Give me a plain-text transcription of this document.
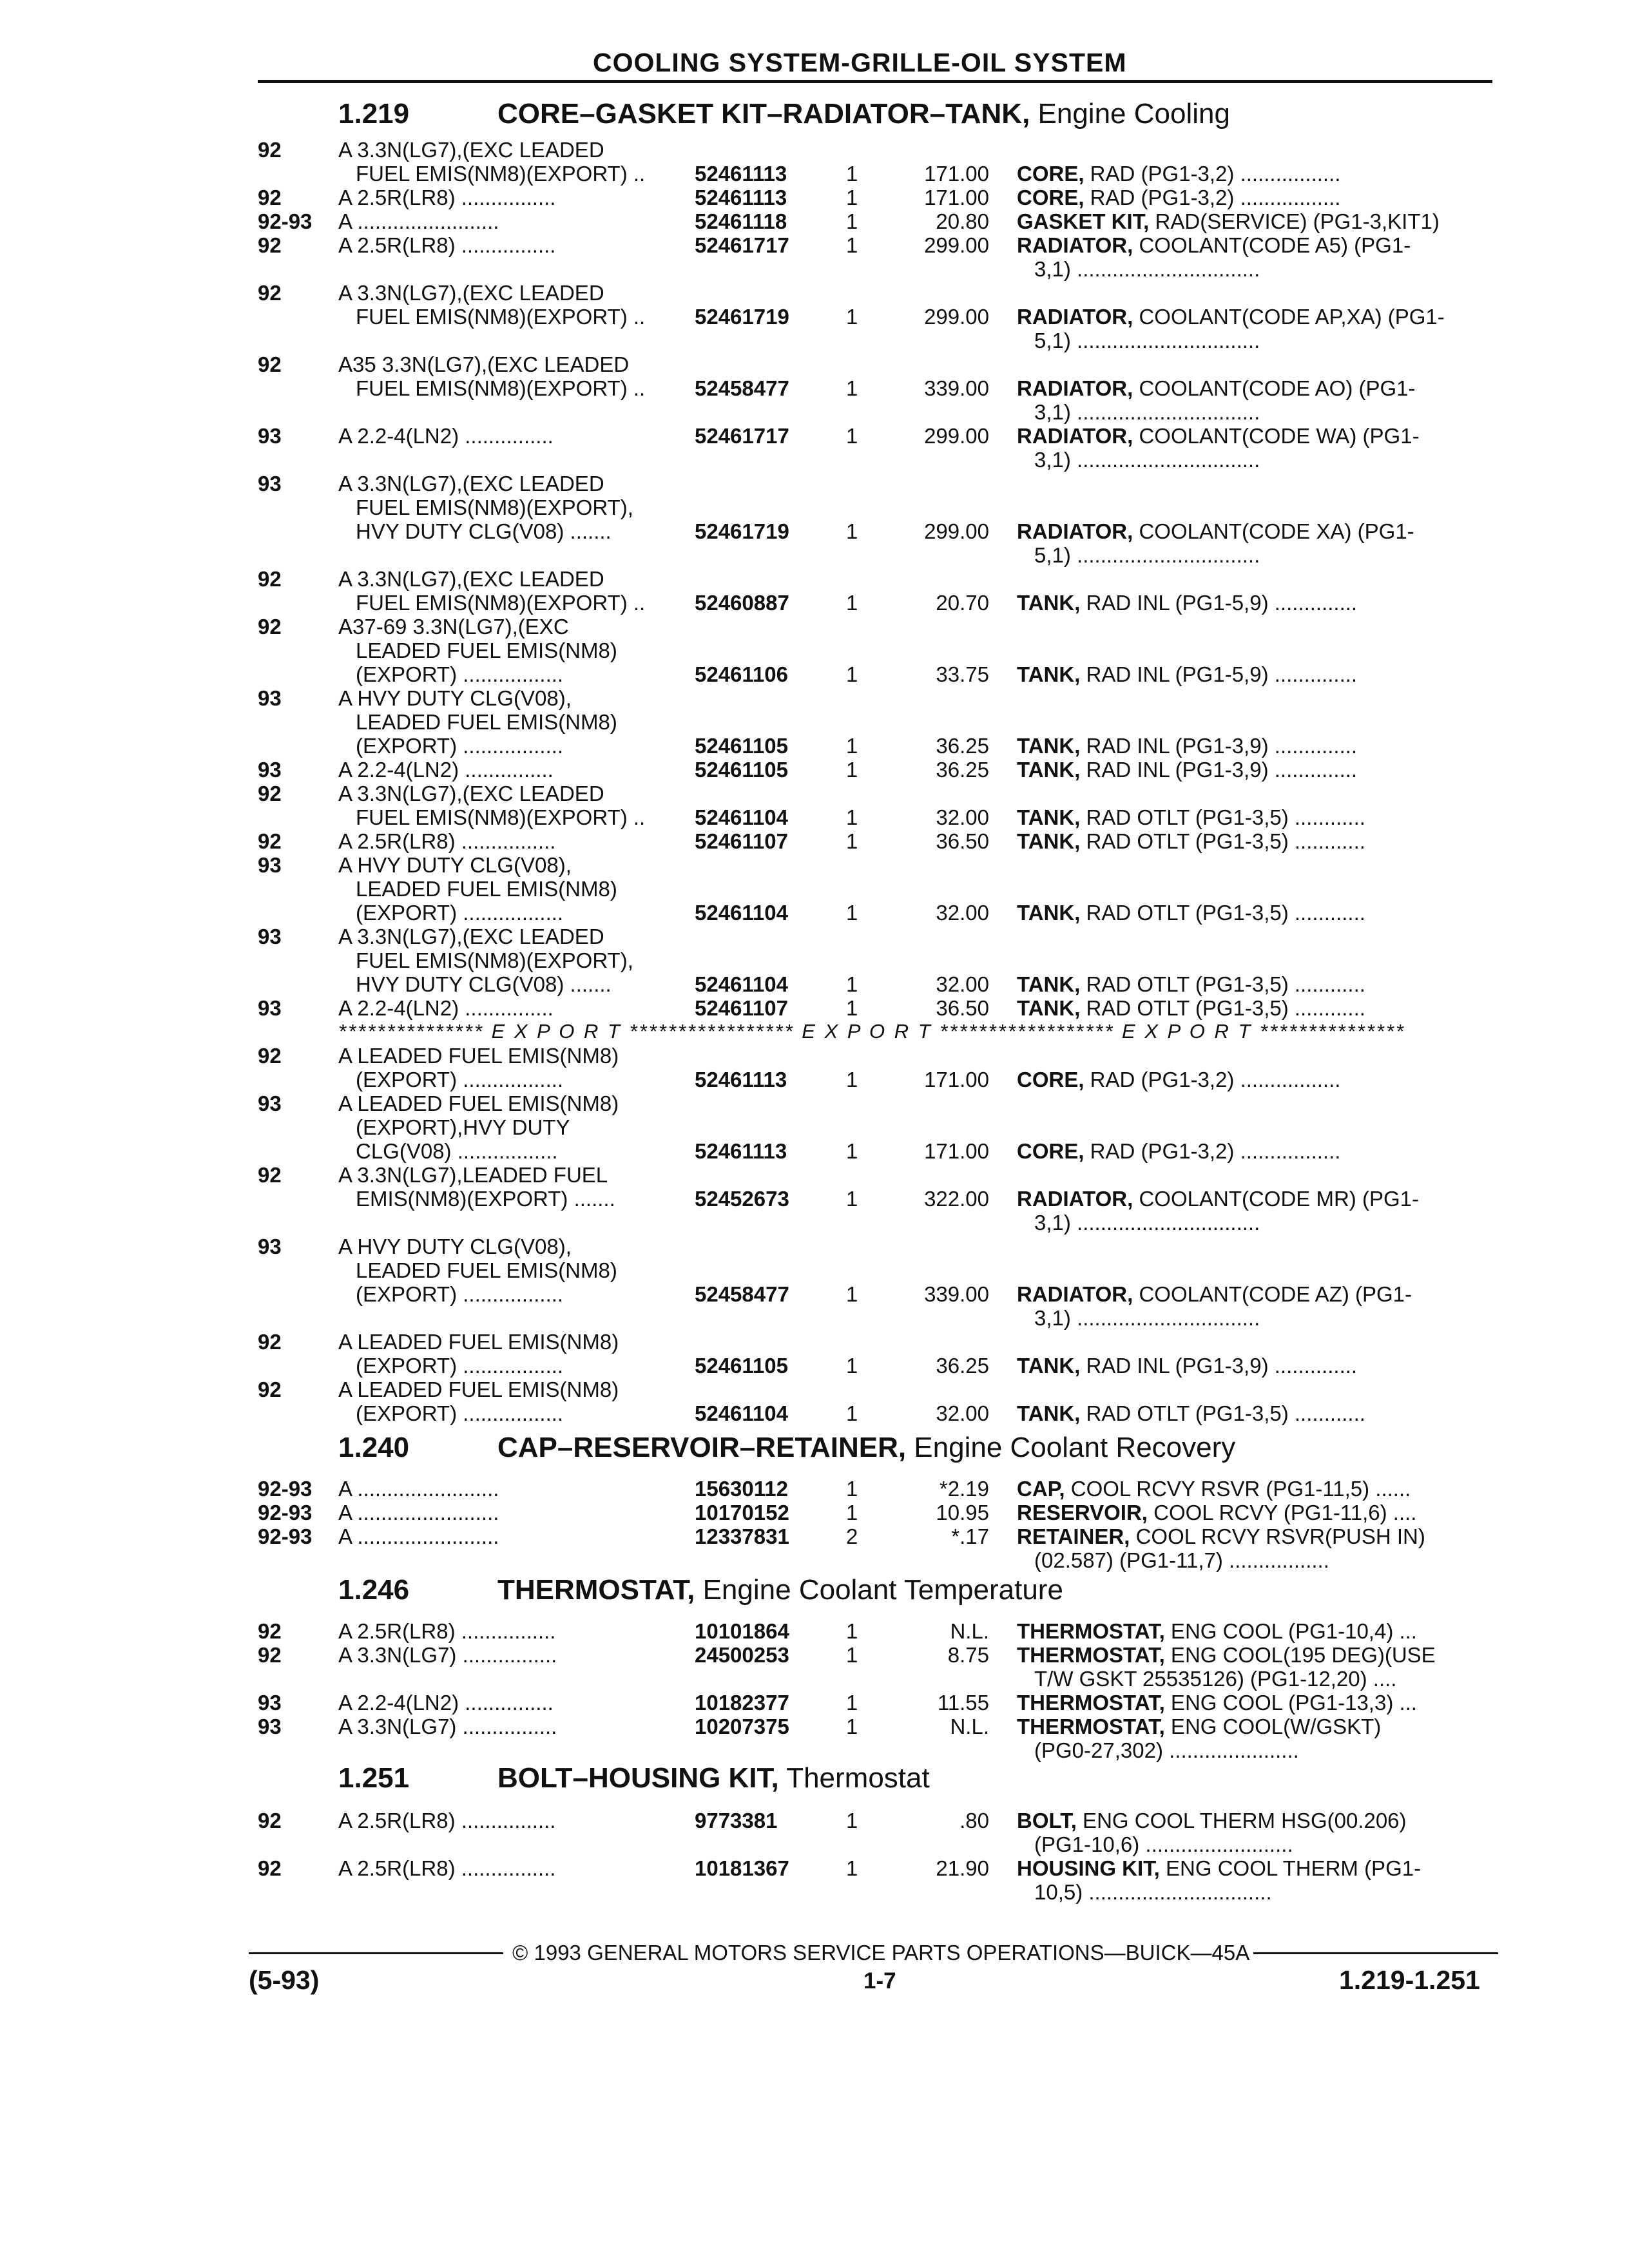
COOLING SYSTEM-GRILLE-OIL SYSTEM
1.219	CORE–GASKET KIT–RADIATOR–TANK, Engine Cooling
92	A 3.3N(LG7),(EXC LEADED
FUEL EMIS(NM8)(EXPORT) .. 52461113	1	171.00 CORE, RAD (PG1-3,2) .................
92	A 2.5R(LR8) ................	52461113	1	171.00 CORE, RAD (PG1-3,2) .................
92-93 A ........................	52461118	1	20.80 GASKET KIT, RAD(SERVICE) (PG1-3,KIT1)
92	A 2.5R(LR8) ................	52461717	1	299.00 RADIATOR, COOLANT(CODE A5) (PG1-
3,1) ...............................
92	A 3.3N(LG7),(EXC LEADED
FUEL EMIS(NM8)(EXPORT) .. 52461719	1	299.00 RADIATOR, COOLANT(CODE AP,XA) (PG1-
5,1) ...............................
92	A35 3.3N(LG7),(EXC LEADED
FUEL EMIS(NM8)(EXPORT) .. 52458477	1	339.00 RADIATOR, COOLANT(CODE AO) (PG1-
3,1) ...............................
93	A 2.2-4(LN2) ...............	52461717	1	299.00 RADIATOR, COOLANT(CODE WA) (PG1-
3,1) ...............................
93	A 3.3N(LG7),(EXC LEADED
FUEL EMIS(NM8)(EXPORT),
HVY DUTY CLG(V08) .......	52461719	1	299.00 RADIATOR, COOLANT(CODE XA) (PG1-
5,1) ...............................
92	A 3.3N(LG7),(EXC LEADED
FUEL EMIS(NM8)(EXPORT) .. 52460887	1	20.70 TANK, RAD INL (PG1-5,9) ..............
92	A37-69 3.3N(LG7),(EXC
LEADED FUEL EMIS(NM8)
(EXPORT) .................	52461106	1	33.75 TANK, RAD INL (PG1-5,9) ..............
93	A HVY DUTY CLG(V08),
LEADED FUEL EMIS(NM8)
(EXPORT) .................	52461105	1	36.25 TANK, RAD INL (PG1-3,9) ..............
93	A 2.2-4(LN2) ...............	52461105	1	36.25 TANK, RAD INL (PG1-3,9) ..............
92	A 3.3N(LG7),(EXC LEADED
FUEL EMIS(NM8)(EXPORT) .. 52461104	1	32.00 TANK, RAD OTLT (PG1-3,5) ............
92	A 2.5R(LR8) ................	52461107	1	36.50 TANK, RAD OTLT (PG1-3,5) ............
93	A HVY DUTY CLG(V08),
LEADED FUEL EMIS(NM8)
(EXPORT) .................	52461104	1	32.00 TANK, RAD OTLT (PG1-3,5) ............
93	A 3.3N(LG7),(EXC LEADED
FUEL EMIS(NM8)(EXPORT),
HVY DUTY CLG(V08) .......	52461104	1	32.00 TANK, RAD OTLT (PG1-3,5) ............
93	A 2.2-4(LN2) ...............	52461107	1	36.50 TANK, RAD OTLT (PG1-3,5) ............
*************** E X P O R T ***************** E X P O R T ****************** E X P O R T ***************
92	A LEADED FUEL EMIS(NM8)
(EXPORT) .................	52461113	1	171.00 CORE, RAD (PG1-3,2) .................
93	A LEADED FUEL EMIS(NM8)
(EXPORT),HVY DUTY
CLG(V08) .................	52461113	1	171.00 CORE, RAD (PG1-3,2) .................
92	A 3.3N(LG7),LEADED FUEL
EMIS(NM8)(EXPORT) .......	52452673	1	322.00 RADIATOR, COOLANT(CODE MR) (PG1-
3,1) ...............................
93	A HVY DUTY CLG(V08),
LEADED FUEL EMIS(NM8)
(EXPORT) .................	52458477	1	339.00 RADIATOR, COOLANT(CODE AZ) (PG1-
3,1) ...............................
92	A LEADED FUEL EMIS(NM8)
(EXPORT) .................	52461105	1	36.25 TANK, RAD INL (PG1-3,9) ..............
92	A LEADED FUEL EMIS(NM8)
(EXPORT) .................	52461104	1	32.00 TANK, RAD OTLT (PG1-3,5) ............
1.240	CAP–RESERVOIR–RETAINER, Engine Coolant Recovery
92-93 A ........................	15630112	1	*2.19 CAP, COOL RCVY RSVR (PG1-11,5) ......
92-93 A ........................	10170152	1	10.95 RESERVOIR, COOL RCVY (PG1-11,6) ....
92-93 A ........................	12337831	2	*.17 RETAINER, COOL RCVY RSVR(PUSH IN)
(02.587) (PG1-11,7) .................
1.246	THERMOSTAT, Engine Coolant Temperature
92	A 2.5R(LR8) ................	10101864	1	N.L. THERMOSTAT, ENG COOL (PG1-10,4) ...
92	A 3.3N(LG7) ................	24500253	1	8.75 THERMOSTAT, ENG COOL(195 DEG)(USE
T/W GSKT 25535126) (PG1-12,20) ....
93	A 2.2-4(LN2) ...............	10182377	1	11.55 THERMOSTAT, ENG COOL (PG1-13,3) ...
93	A 3.3N(LG7) ................	10207375	1	N.L. THERMOSTAT, ENG COOL(W/GSKT)
(PG0-27,302) ......................
1.251	BOLT–HOUSING KIT, Thermostat
92	A 2.5R(LR8) ................	9773381	1	.80 BOLT, ENG COOL THERM HSG(00.206)
(PG1-10,6) .........................
92	A 2.5R(LR8) ................	10181367	1	21.90 HOUSING KIT, ENG COOL THERM (PG1-
10,5) ...............................
© 1993 GENERAL MOTORS SERVICE PARTS OPERATIONS—BUICK—45A
(5-93)	1-7	1.219-1.251
